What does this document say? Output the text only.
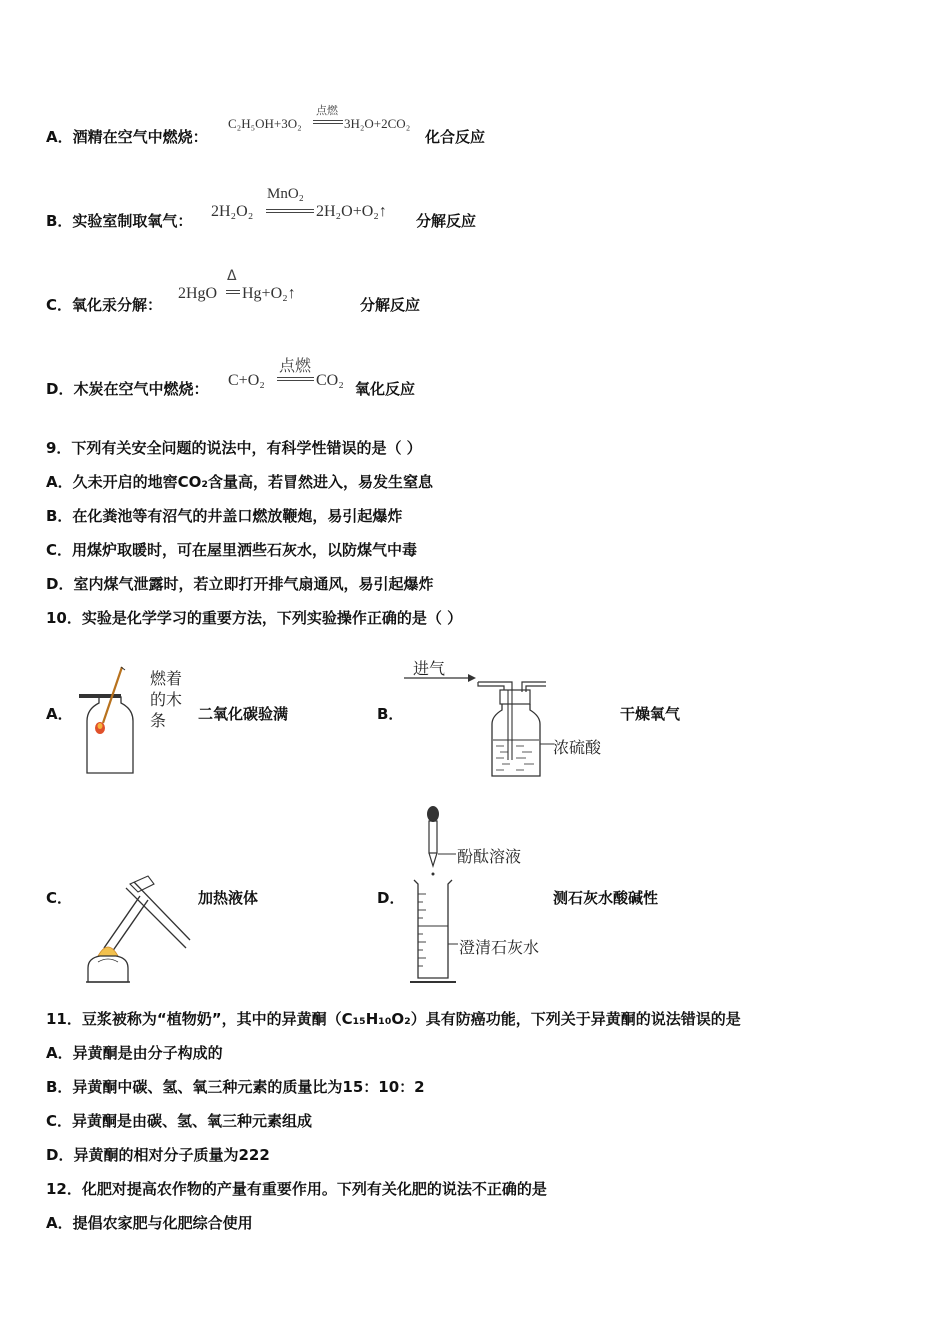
A．酒精在空气中燃烧：
C₂H₅OH+3O₂
点燃
3H₂O+2CO₂
化合反应
B．实验室制取氧气：
2H₂O₂
MnO₂
2H₂O+O₂↑
分解反应
C．氧化汞分解：
2HgO
Δ
Hg+O₂↑
分解反应
D．木炭在空气中燃烧： C+O₂
点燃
CO₂ 氧化反应
9．下列有关安全问题的说法中，有科学性错误的是（ ）
A．久未开启的地窖CO₂含量高，若冒然进入，易发生窒息
B．在化粪池等有沼气的井盖口燃放鞭炮，易引起爆炸
C．用煤炉取暖时，可在屋里洒些石灰水，以防煤气中毒
D．室内煤气泄露时，若立即打开排气扇通风，易引起爆炸
10．实验是化学学习的重要方法，下列实验操作正确的是（ ）
A．
燃着
的木
条	二氧化碳验满	B．
进气
浓硫酸
干燥氧气
C．	加热液体	D．
酚酞溶液
澄清石灰水
测石灰水酸碱性
11．豆浆被称为“植物奶”，其中的异黄酮（C₁₅H₁₀O₂）具有防癌功能，下列关于异黄酮的说法错误的是
A．异黄酮是由分子构成的
B．异黄酮中碳、氢、氧三种元素的质量比为15：10：2
C．异黄酮是由碳、氢、氧三种元素组成
D．异黄酮的相对分子质量为222
12．化肥对提高农作物的产量有重要作用。下列有关化肥的说法不正确的是
A．提倡农家肥与化肥综合使用
